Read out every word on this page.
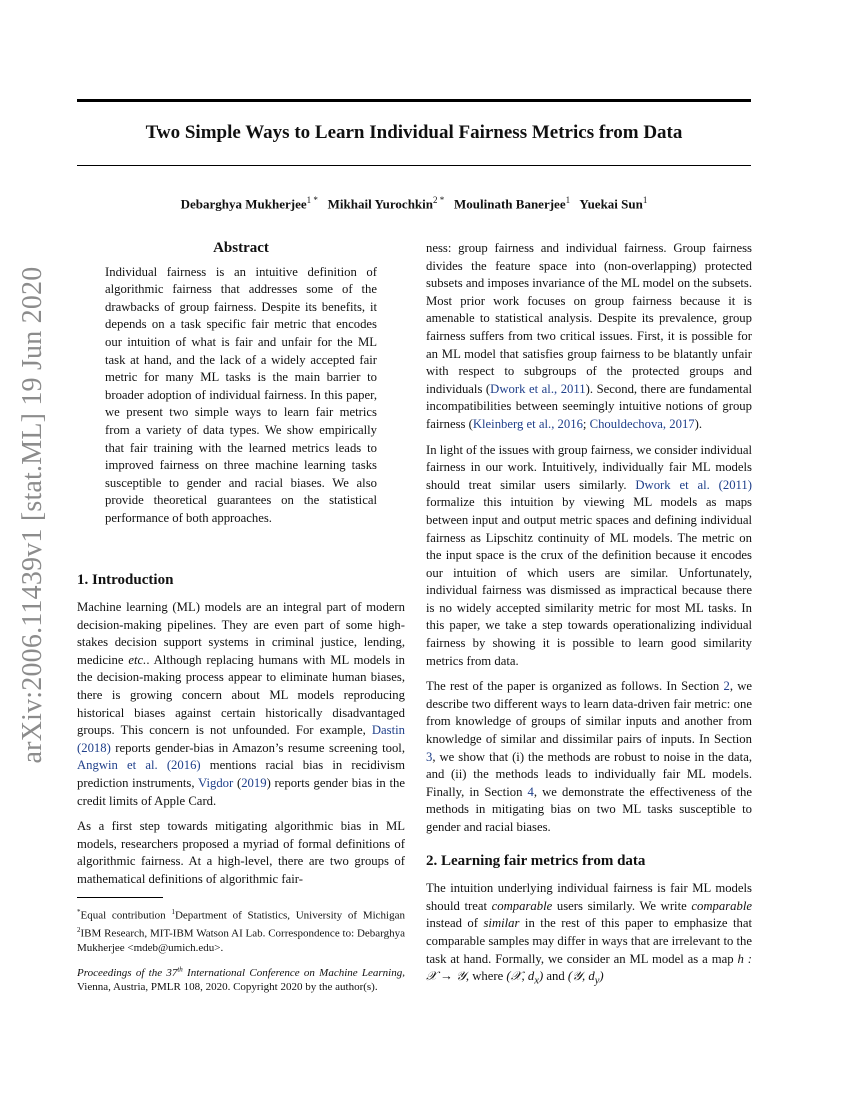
Two Simple Ways to Learn Individual Fairness Metrics from Data
Debarghya Mukherjee$^{1 *}$ Mikhail Yurochkin$^{2 *}$ Moulinath Banerjee$^1$ Yuekai Sun$^1$
arXiv:2006.11439v1 [stat.ML] 19 Jun 2020
Abstract

Individual fairness is an intuitive definition of algorithmic fairness that addresses some of the drawbacks of group fairness. Despite its benefits, it depends on a task specific fair metric that encodes our intuition of what is fair and unfair for the ML task at hand, and the lack of a widely accepted fair metric for many ML tasks is the main barrier to broader adoption of individual fairness. In this paper, we present two simple ways to learn fair metrics from a variety of data types. We show empirically that fair training with the learned metrics leads to improved fairness on three machine learning tasks susceptible to gender and racial biases. We also provide theoretical guarantees on the statistical performance of both approaches.

1. Introduction

Machine learning (ML) models are an integral part of modern decision-making pipelines. They are even part of some high-stakes decision support systems in criminal justice, lending, medicine etc.. Although replacing humans with ML models in the decision-making process appear to eliminate human biases, there is growing concern about ML models reproducing historical biases against certain historically disadvantaged groups. This concern is not unfounded. For example, Dastin (2018) reports gender-bias in Amazon’s resume screening tool, Angwin et al. (2016) mentions racial bias in recidivism prediction instruments, Vigdor (2019) reports gender bias in the credit limits of Apple Card.

As a first step towards mitigating algorithmic bias in ML models, researchers proposed a myriad of formal definitions of algorithmic fairness. At a high-level, there are two groups of mathematical definitions of algorithmic fair-

*Equal contribution $^1$Department of Statistics, University of Michigan $^2$IBM Research, MIT-IBM Watson AI Lab. Correspondence to: Debarghya Mukherjee <mdeb@umich.edu>.

Proceedings of the 37th International Conference on Machine Learning, Vienna, Austria, PMLR 108, 2020. Copyright 2020 by the author(s).

ness: group fairness and individual fairness. Group fairness divides the feature space into (non-overlapping) protected subsets and imposes invariance of the ML model on the subsets. Most prior work focuses on group fairness because it is amenable to statistical analysis. Despite its prevalence, group fairness suffers from two critical issues. First, it is possible for an ML model that satisfies group fairness to be blatantly unfair with respect to subgroups of the protected groups and individuals (Dwork et al., 2011). Second, there are fundamental incompatibilities between seemingly intuitive notions of group fairness (Kleinberg et al., 2016; Chouldechova, 2017).

In light of the issues with group fairness, we consider individual fairness in our work. Intuitively, individually fair ML models should treat similar users similarly. Dwork et al. (2011) formalize this intuition by viewing ML models as maps between input and output metric spaces and defining individual fairness as Lipschitz continuity of ML models. The metric on the input space is the crux of the definition because it encodes our intuition of which users are similar. Unfortunately, individual fairness was dismissed as impractical because there is no widely accepted similarity metric for most ML tasks. In this paper, we take a step towards operationalizing individual fairness by showing it is possible to learn good similarity metrics from data.

The rest of the paper is organized as follows. In Section 2, we describe two different ways to learn data-driven fair metric: one from knowledge of groups of similar inputs and another from knowledge of similar and dissimilar pairs of inputs. In Section 3, we show that (i) the methods are robust to noise in the data, and (ii) the methods leads to individually fair ML models. Finally, in Section 4, we demonstrate the effectiveness of the methods in mitigating bias on two ML tasks susceptible to gender and racial biases.

2. Learning fair metrics from data

The intuition underlying individual fairness is fair ML models should treat comparable users similarly. We write comparable instead of similar in the rest of this paper to emphasize that comparable samples may differ in ways that are irrelevant to the task at hand. Formally, we consider an ML model as a map h : 𝒳 → 𝒴, where (𝒳, $d_x$) and (𝒴, $d_y$)
